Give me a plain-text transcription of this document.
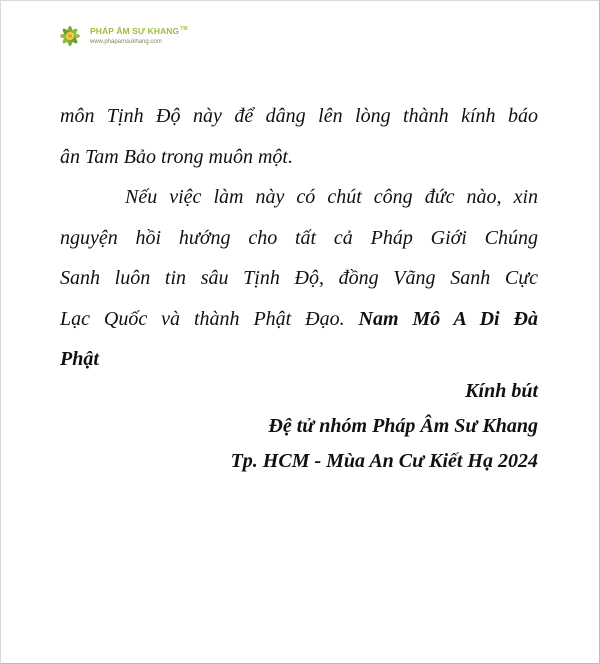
PHÁP ÂM SƯ KHANG™
www.phapamsukhang.com
môn Tịnh Độ này để dâng lên lòng thành kính báo
ân Tam Bảo trong muôn một.
Nếu việc làm này có chút công đức nào, xin
nguyện hồi hướng cho tất cả Pháp Giới Chúng
Sanh luôn tin sâu Tịnh Độ, đồng Vãng Sanh Cực
Lạc Quốc và thành Phật Đạo. Nam Mô A Di Đà
Phật
Kính bút
Đệ tử nhóm Pháp Âm Sư Khang
Tp. HCM - Mùa An Cư Kiết Hạ 2024
